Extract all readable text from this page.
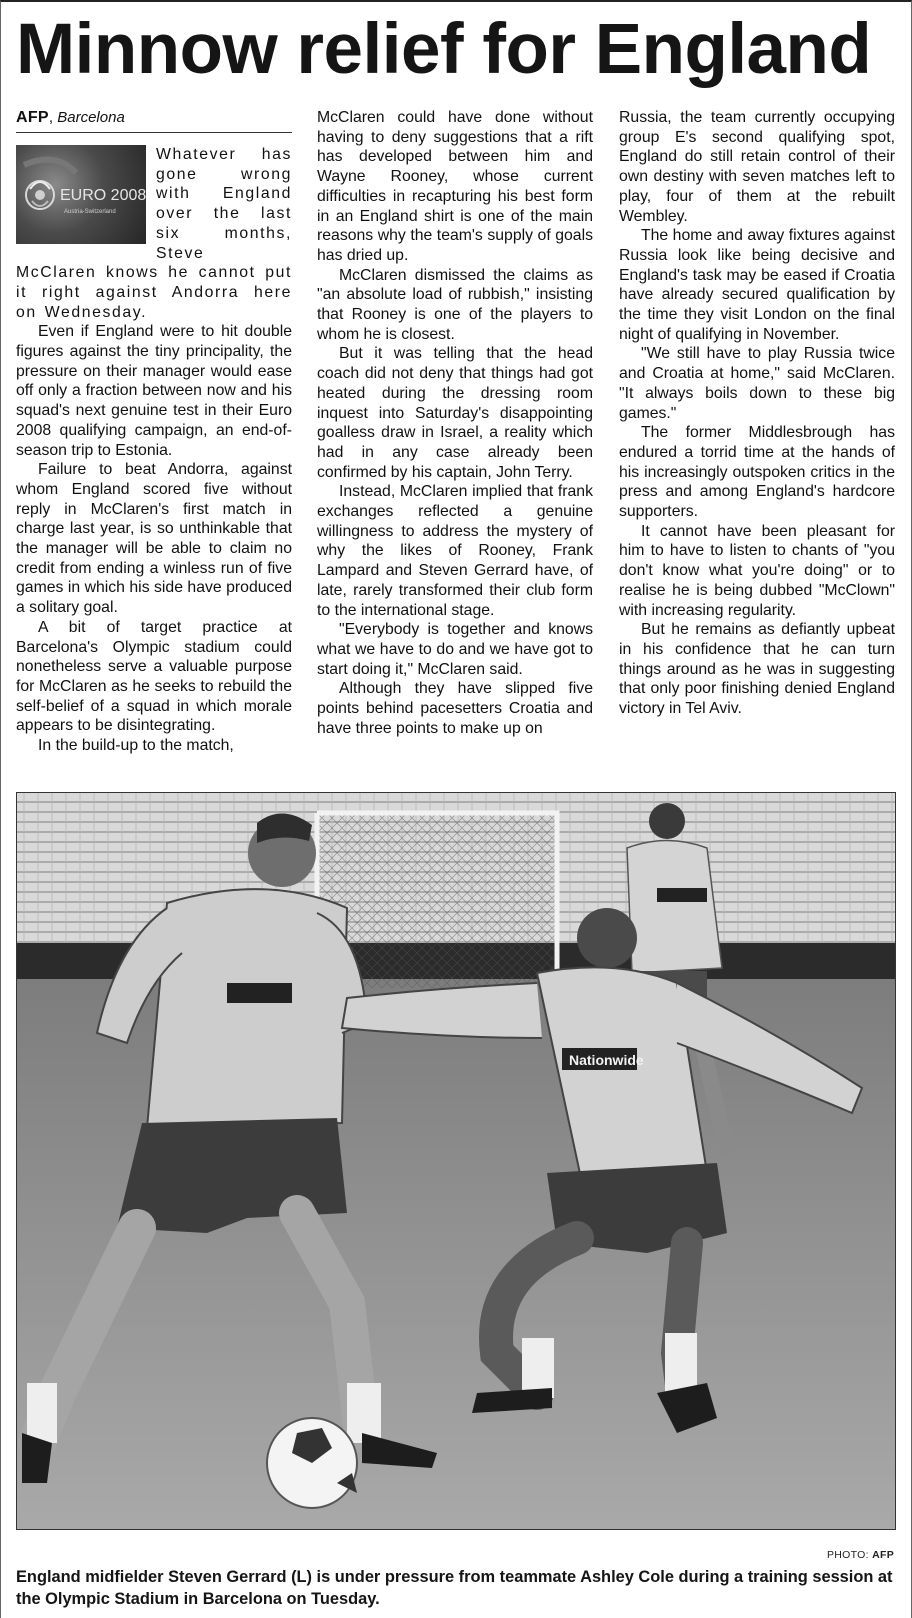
Minnow relief for England
AFP, Barcelona
EURO 2008
Austria-Switzerland

Whatever has gone wrong with England over the last six months, Steve McClaren knows he cannot put it right against Andorra here on Wednesday.

Even if England were to hit double figures against the tiny principality, the pressure on their manager would ease off only a fraction between now and his squad's next genuine test in their Euro 2008 qualifying campaign, an end-of-season trip to Estonia.

Failure to beat Andorra, against whom England scored five without reply in McClaren's first match in charge last year, is so unthinkable that the manager will be able to claim no credit from ending a winless run of five games in which his side have produced a solitary goal.

A bit of target practice at Barcelona's Olympic stadium could nonetheless serve a valuable purpose for McClaren as he seeks to rebuild the self-belief of a squad in which morale appears to be disintegrating.

In the build-up to the match,

McClaren could have done without having to deny suggestions that a rift has developed between him and Wayne Rooney, whose current difficulties in recapturing his best form in an England shirt is one of the main reasons why the team's supply of goals has dried up.

McClaren dismissed the claims as "an absolute load of rubbish," insisting that Rooney is one of the players to whom he is closest.

But it was telling that the head coach did not deny that things had got heated during the dressing room inquest into Saturday's disappointing goalless draw in Israel, a reality which had in any case already been confirmed by his captain, John Terry.

Instead, McClaren implied that frank exchanges reflected a genuine willingness to address the mystery of why the likes of Rooney, Frank Lampard and Steven Gerrard have, of late, rarely transformed their club form to the international stage.

"Everybody is together and knows what we have to do and we have got to start doing it," McClaren said.

Although they have slipped five points behind pacesetters Croatia and have three points to make up on

Russia, the team currently occupying group E's second qualifying spot, England do still retain control of their own destiny with seven matches left to play, four of them at the rebuilt Wembley.

The home and away fixtures against Russia look like being decisive and England's task may be eased if Croatia have already secured qualification by the time they visit London on the final night of qualifying in November.

"We still have to play Russia twice and Croatia at home," said McClaren. "It always boils down to these big games."

The former Middlesbrough has endured a torrid time at the hands of his increasingly outspoken critics in the press and among England's hardcore supporters.

It cannot have been pleasant for him to have to listen to chants of "you don't know what you're doing" or to realise he is being dubbed "McClown" with increasing regularity.

But he remains as defiantly upbeat in his confidence that he can turn things around as he was in suggesting that only poor finishing denied England victory in Tel Aviv.

Nationwide
PHOTO: AFP
England midfielder Steven Gerrard (L) is under pressure from teammate Ashley Cole during a training session at the Olympic Stadium in Barcelona on Tuesday.
